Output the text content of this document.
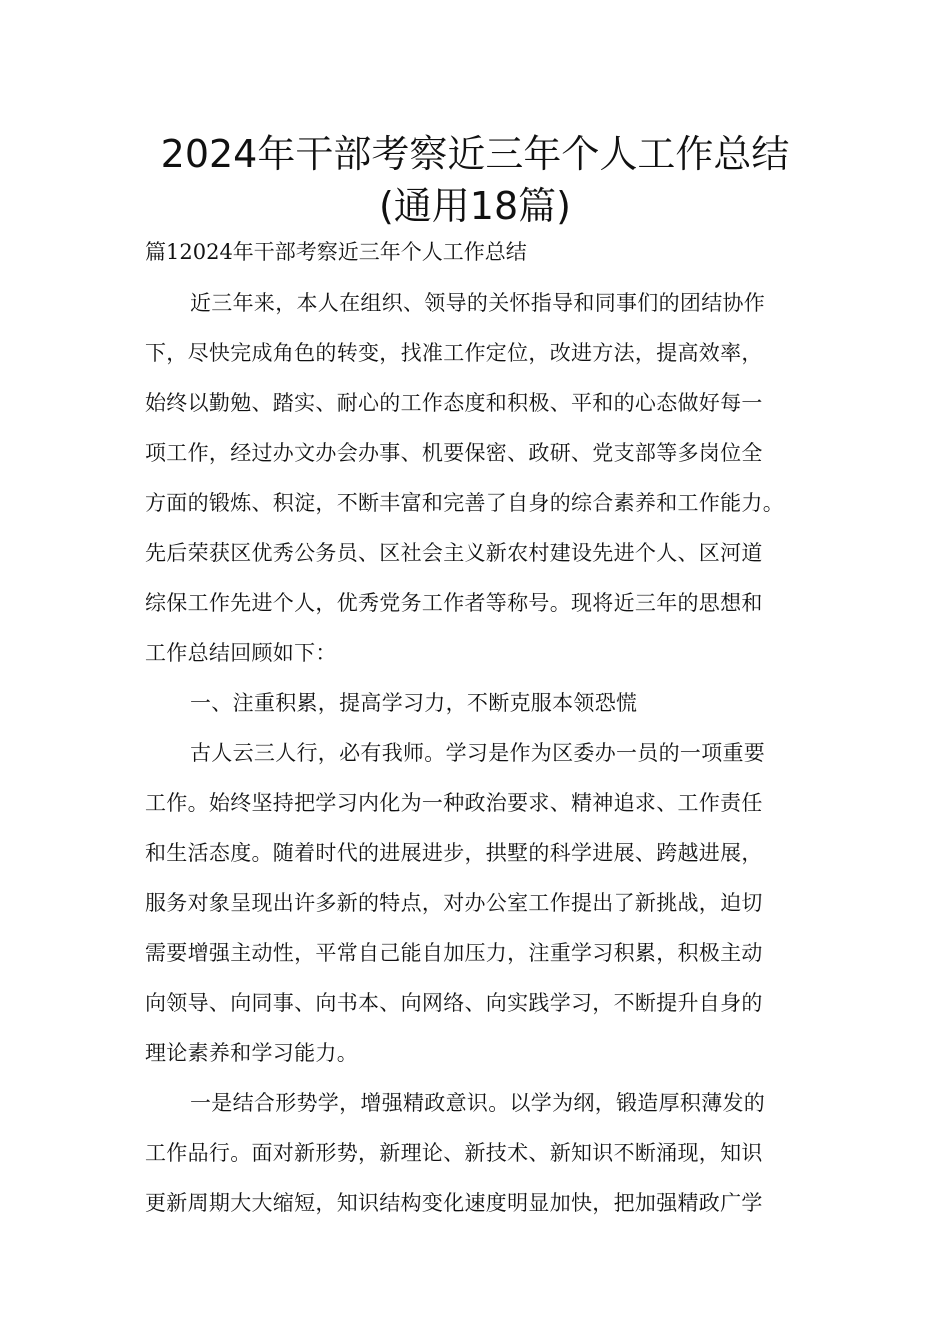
2024年干部考察近三年个人工作总结
(通用18篇)
篇12024年干部考察近三年个人工作总结
近三年来，本人在组织、领导的关怀指导和同事们的团结协作
下，尽快完成角色的转变，找准工作定位，改进方法，提高效率，
始终以勤勉、踏实、耐心的工作态度和积极、平和的心态做好每一
项工作，经过办文办会办事、机要保密、政研、党支部等多岗位全
方面的锻炼、积淀，不断丰富和完善了自身的综合素养和工作能力。
先后荣获区优秀公务员、区社会主义新农村建设先进个人、区河道
综保工作先进个人，优秀党务工作者等称号。现将近三年的思想和
工作总结回顾如下：
一、注重积累，提高学习力，不断克服本领恐慌
古人云三人行，必有我师。学习是作为区委办一员的一项重要
工作。始终坚持把学习内化为一种政治要求、精神追求、工作责任
和生活态度。随着时代的进展进步，拱墅的科学进展、跨越进展，
服务对象呈现出许多新的特点，对办公室工作提出了新挑战，迫切
需要增强主动性，平常自己能自加压力，注重学习积累，积极主动
向领导、向同事、向书本、向网络、向实践学习，不断提升自身的
理论素养和学习能力。
一是结合形势学，增强精政意识。以学为纲，锻造厚积薄发的
工作品行。面对新形势，新理论、新技术、新知识不断涌现，知识
更新周期大大缩短，知识结构变化速度明显加快，把加强精政广学
